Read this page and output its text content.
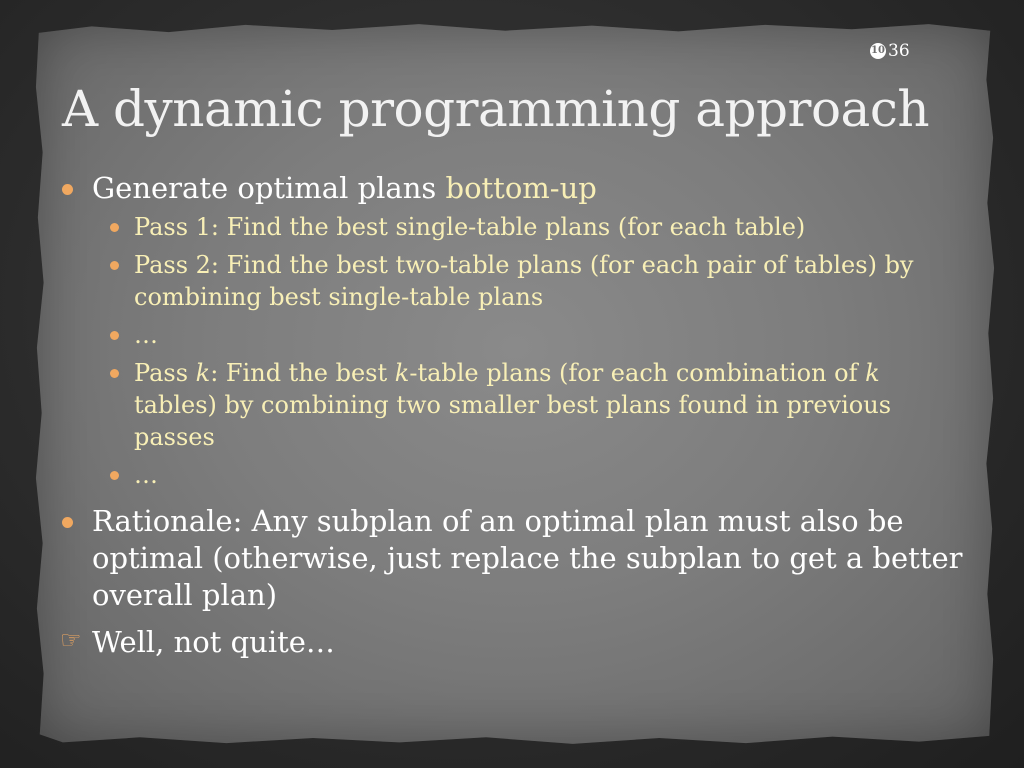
10 36
A dynamic programming approach

Generate optimal plans bottom-up

Pass 1: Find the best single-table plans (for each table)

Pass 2: Find the best two-table plans (for each pair of tables) by combining best single-table plans

…

Pass k: Find the best k-table plans (for each combination of k tables) by combining two smaller best plans found in previous passes

…

Rationale: Any subplan of an optimal plan must also be optimal (otherwise, just replace the subplan to get a better overall plan)

☞ Well, not quite…
